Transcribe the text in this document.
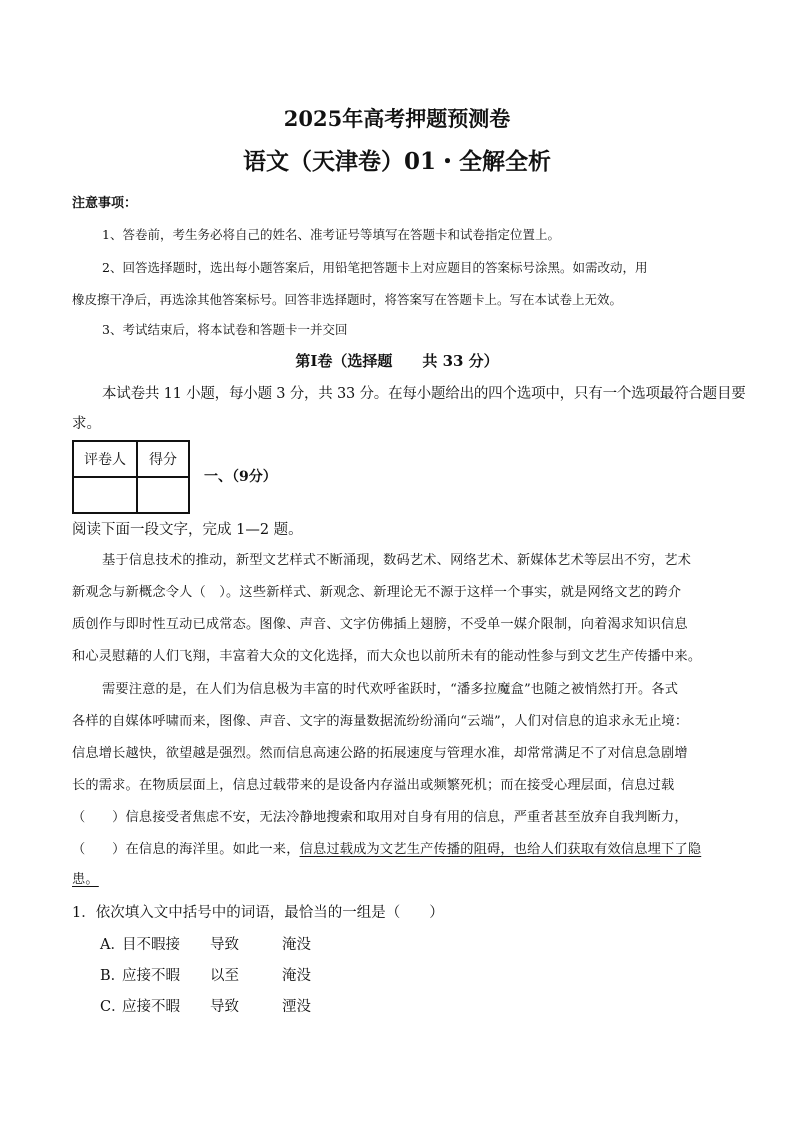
2025年高考押题预测卷
语文（天津卷）01・全解全析
注意事项：
1、答卷前，考生务必将自己的姓名、准考证号等填写在答题卡和试卷指定位置上。
2、回答选择题时，选出每小题答案后，用铅笔把答题卡上对应题目的答案标号涂黑。如需改动，用
橡皮擦干净后，再选涂其他答案标号。回答非选择题时，将答案写在答题卡上。写在本试卷上无效。
3、考试结束后，将本试卷和答题卡一并交回
第Ⅰ卷（选择题　　共 33 分）
本试卷共 11 小题，每小题 3 分，共 33 分。在每小题给出的四个选项中，只有一个选项最符合题目要
求。
评卷人	得分

一、（9分）
阅读下面一段文字，完成 1—2 题。
基于信息技术的推动，新型文艺样式不断涌现，数码艺术、网络艺术、新媒体艺术等层出不穷，艺术
新观念与新概念令人（　）。这些新样式、新观念、新理论无不源于这样一个事实，就是网络文艺的跨介
质创作与即时性互动已成常态。图像、声音、文字仿佛插上翅膀，不受单一媒介限制，向着渴求知识信息
和心灵慰藉的人们飞翔，丰富着大众的文化选择，而大众也以前所未有的能动性参与到文艺生产传播中来。
需要注意的是，在人们为信息极为丰富的时代欢呼雀跃时，“潘多拉魔盒”也随之被悄然打开。各式
各样的自媒体呼啸而来，图像、声音、文字的海量数据流纷纷涌向“云端”，人们对信息的追求永无止境：
信息增长越快，欲望越是强烈。然而信息高速公路的拓展速度与管理水准，却常常满足不了对信息急剧增
长的需求。在物质层面上，信息过载带来的是设备内存溢出或频繁死机；而在接受心理层面，信息过载
（　　）信息接受者焦虑不安，无法冷静地搜索和取用对自身有用的信息，严重者甚至放弃自我判断力，
（　　）在信息的海洋里。如此一来，信息过载成为文艺生产传播的阻碍，也给人们获取有效信息埋下了隐
患。
1．依次填入文中括号中的词语，最恰当的一组是（　　）
A．目不暇接 导致	淹没
B．应接不暇 以至	淹没
C．应接不暇 导致	湮没
